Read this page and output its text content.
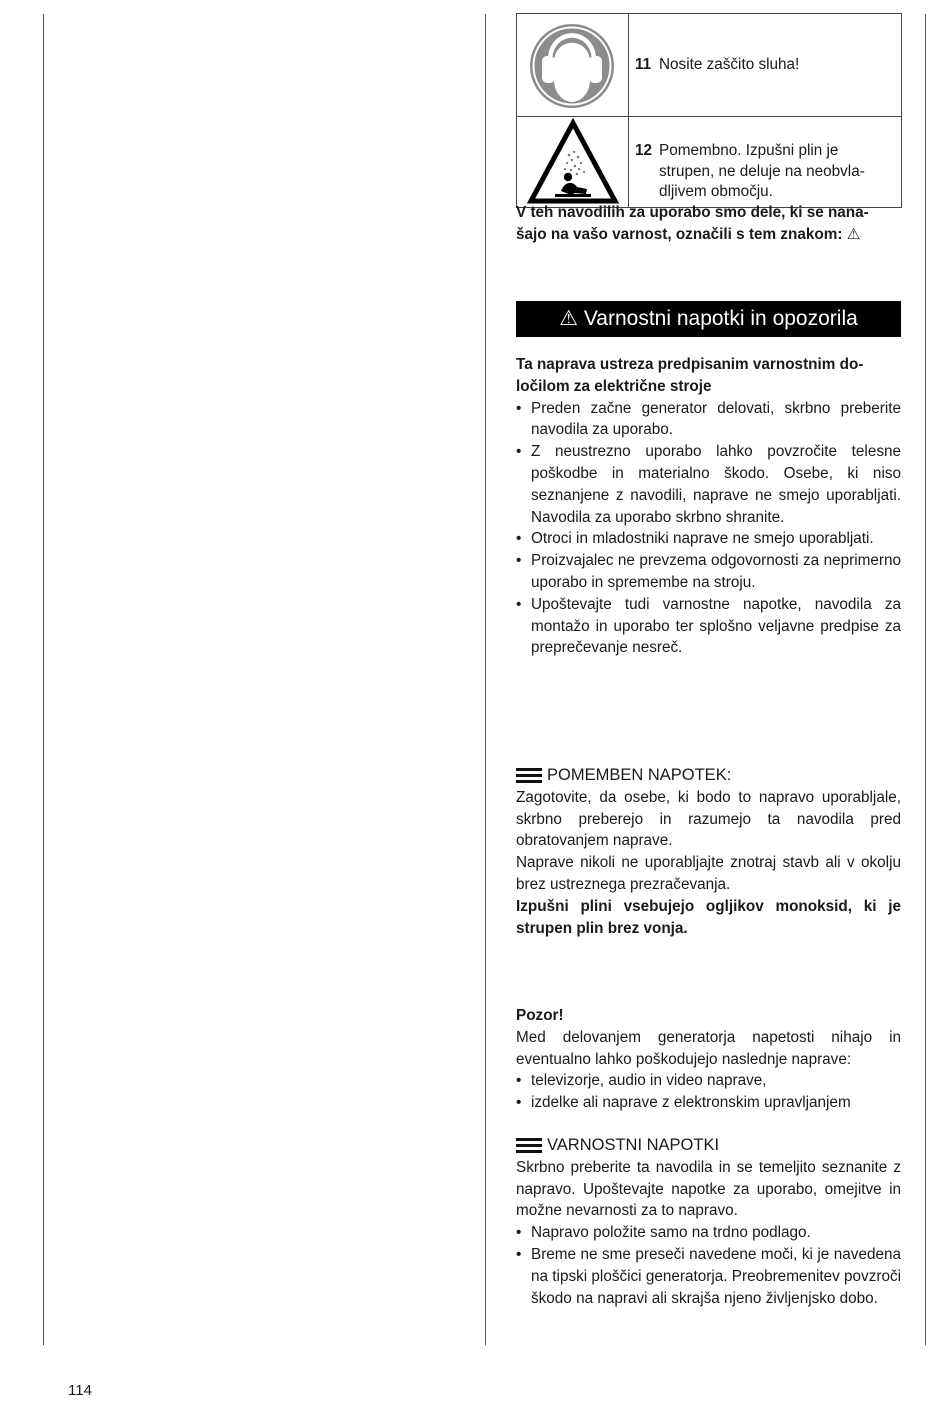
11 Nosite zaščito sluha!

12 Pomembno. Izpušni plin je
strupen, ne deluje na neobvla-
dljivem območju.
V teh navodilih za uporabo smo dele, ki se nana-
šajo na vašo varnost, označili s tem znakom: ⚠
⚠ Varnostni napotki in opozorila
Ta naprava ustreza predpisanim varnostnim do-
ločilom za električne stroje
• Preden začne generator delovati, skrbno preberite navodila za uporabo.
• Z neustrezno uporabo lahko povzročite telesne poškodbe in materialno škodo. Osebe, ki niso seznanjene z navodili, naprave ne smejo uporabljati. Navodila za uporabo skrbno shranite.
• Otroci in mladostniki naprave ne smejo uporabljati.
• Proizvajalec ne prevzema odgovornosti za neprimerno uporabo in spremembe na stroju.
• Upoštevajte tudi varnostne napotke, navodila za montažo in uporabo ter splošno veljavne predpise za preprečevanje nesreč.
POMEMBEN NAPOTEK:
Zagotovite, da osebe, ki bodo to napravo uporabljale, skrbno preberejo in razumejo ta navodila pred obratovanjem naprave.
Naprave nikoli ne uporabljajte znotraj stavb ali v okolju brez ustreznega prezračevanja.
Izpušni plini vsebujejo ogljikov monoksid, ki je strupen plin brez vonja.
Pozor!
Med delovanjem generatorja napetosti nihajo in eventualno lahko poškodujejo naslednje naprave:
• televizorje, audio in video naprave,
• izdelke ali naprave z elektronskim upravljanjem
VARNOSTNI NAPOTKI
Skrbno preberite ta navodila in se temeljito seznanite z napravo. Upoštevajte napotke za uporabo, omejitve in možne nevarnosti za to napravo.
• Napravo položite samo na trdno podlago.
• Breme ne sme preseči navedene moči, ki je navedena na tipski ploščici generatorja. Preobremenitev povzroči škodo na napravi ali skrajša njeno življenjsko dobo.
114
